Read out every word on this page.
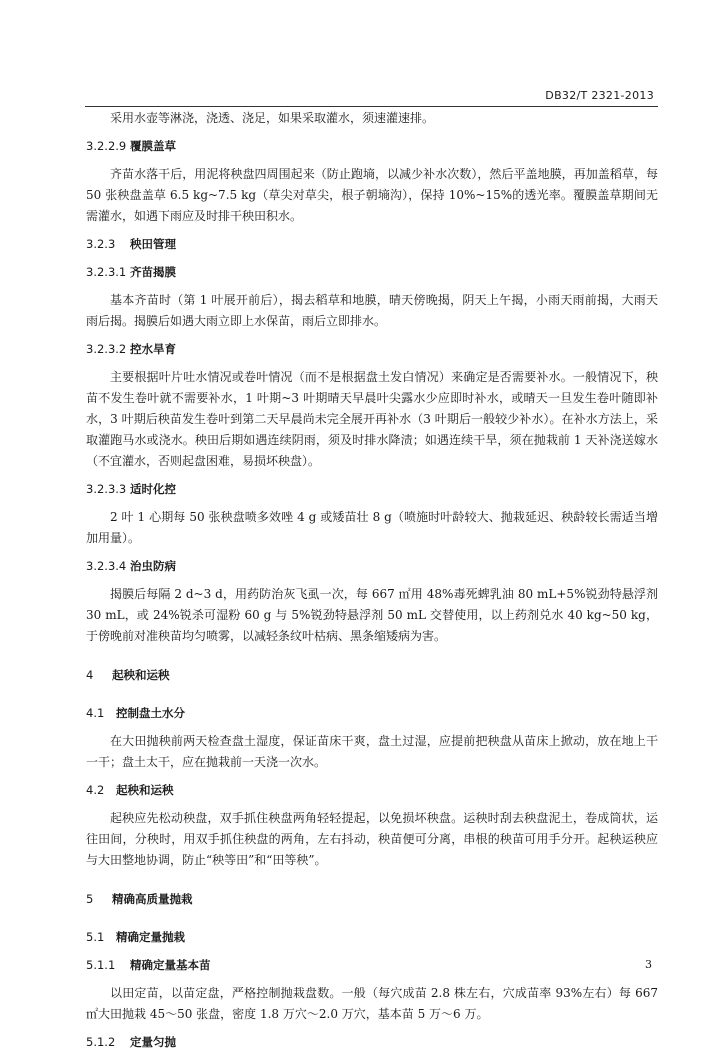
DB32/T 2321-2013

采用水壶等淋浇，浇透、浇足，如果采取灌水，须速灌速排。

3.2.2.9 覆膜盖草

齐苗水落干后，用泥将秧盘四周围起来（防止跑墒，以减少补水次数），然后平盖地膜，再加盖稻草，每 50 张秧盘盖草 6.5 kg~7.5 kg（草尖对草尖，根子朝墒沟），保持 10%~15%的透光率。覆膜盖草期间无需灌水，如遇下雨应及时排干秧田积水。

3.2.3 秧田管理
3.2.3.1 齐苗揭膜

基本齐苗时（第 1 叶展开前后），揭去稻草和地膜，晴天傍晚揭，阴天上午揭，小雨天雨前揭，大雨天雨后揭。揭膜后如遇大雨立即上水保苗，雨后立即排水。

3.2.3.2 控水旱育

主要根据叶片吐水情况或卷叶情况（而不是根据盘土发白情况）来确定是否需要补水。一般情况下，秧苗不发生卷叶就不需要补水，1 叶期~3 叶期晴天早晨叶尖露水少应即时补水，或晴天一旦发生卷叶随即补水，3 叶期后秧苗发生卷叶到第二天早晨尚未完全展开再补水（3 叶期后一般较少补水）。在补水方法上，采取灌跑马水或浇水。秧田后期如遇连续阴雨，须及时排水降渍；如遇连续干旱，须在抛栽前 1 天补浇送嫁水（不宜灌水，否则起盘困难，易损坏秧盘）。

3.2.3.3 适时化控

2 叶 1 心期每 50 张秧盘喷多效唑 4 g 或矮苗壮 8 g（喷施时叶龄较大、抛栽延迟、秧龄较长需适当增加用量）。

3.2.3.4 治虫防病

揭膜后每隔 2 d~3 d，用药防治灰飞虱一次，每 667 ㎡用 48%毒死蜱乳油 80 mL+5%锐劲特悬浮剂 30 mL，或 24%锐杀可湿粉 60 g 与 5%锐劲特悬浮剂 50 mL 交替使用，以上药剂兑水 40 kg~50 kg，于傍晚前对准秧苗均匀喷雾，以减轻条纹叶枯病、黑条缩矮病为害。

4 起秧和运秧
4.1 控制盘土水分

在大田抛秧前两天检查盘土湿度，保证苗床干爽，盘土过湿，应提前把秧盘从苗床上掀动，放在地上干一干；盘土太干，应在抛栽前一天浇一次水。

4.2 起秧和运秧

起秧应先松动秧盘，双手抓住秧盘两角轻轻提起，以免损坏秧盘。运秧时刮去秧盘泥土，卷成筒状，运往田间，分秧时，用双手抓住秧盘的两角，左右抖动，秧苗便可分离，串根的秧苗可用手分开。起秧运秧应与大田整地协调，防止“秧等田”和“田等秧”。

5 精确高质量抛栽
5.1 精确定量抛栽
5.1.1 精确定量基本苗

以田定苗，以苗定盘，严格控制抛栽盘数。一般（每穴成苗 2.8 株左右，穴成苗率 93%左右）每 667 ㎡大田抛栽 45～50 张盘，密度 1.8 万穴～2.0 万穴，基本苗 5 万～6 万。

5.1.2 定量匀抛
3
